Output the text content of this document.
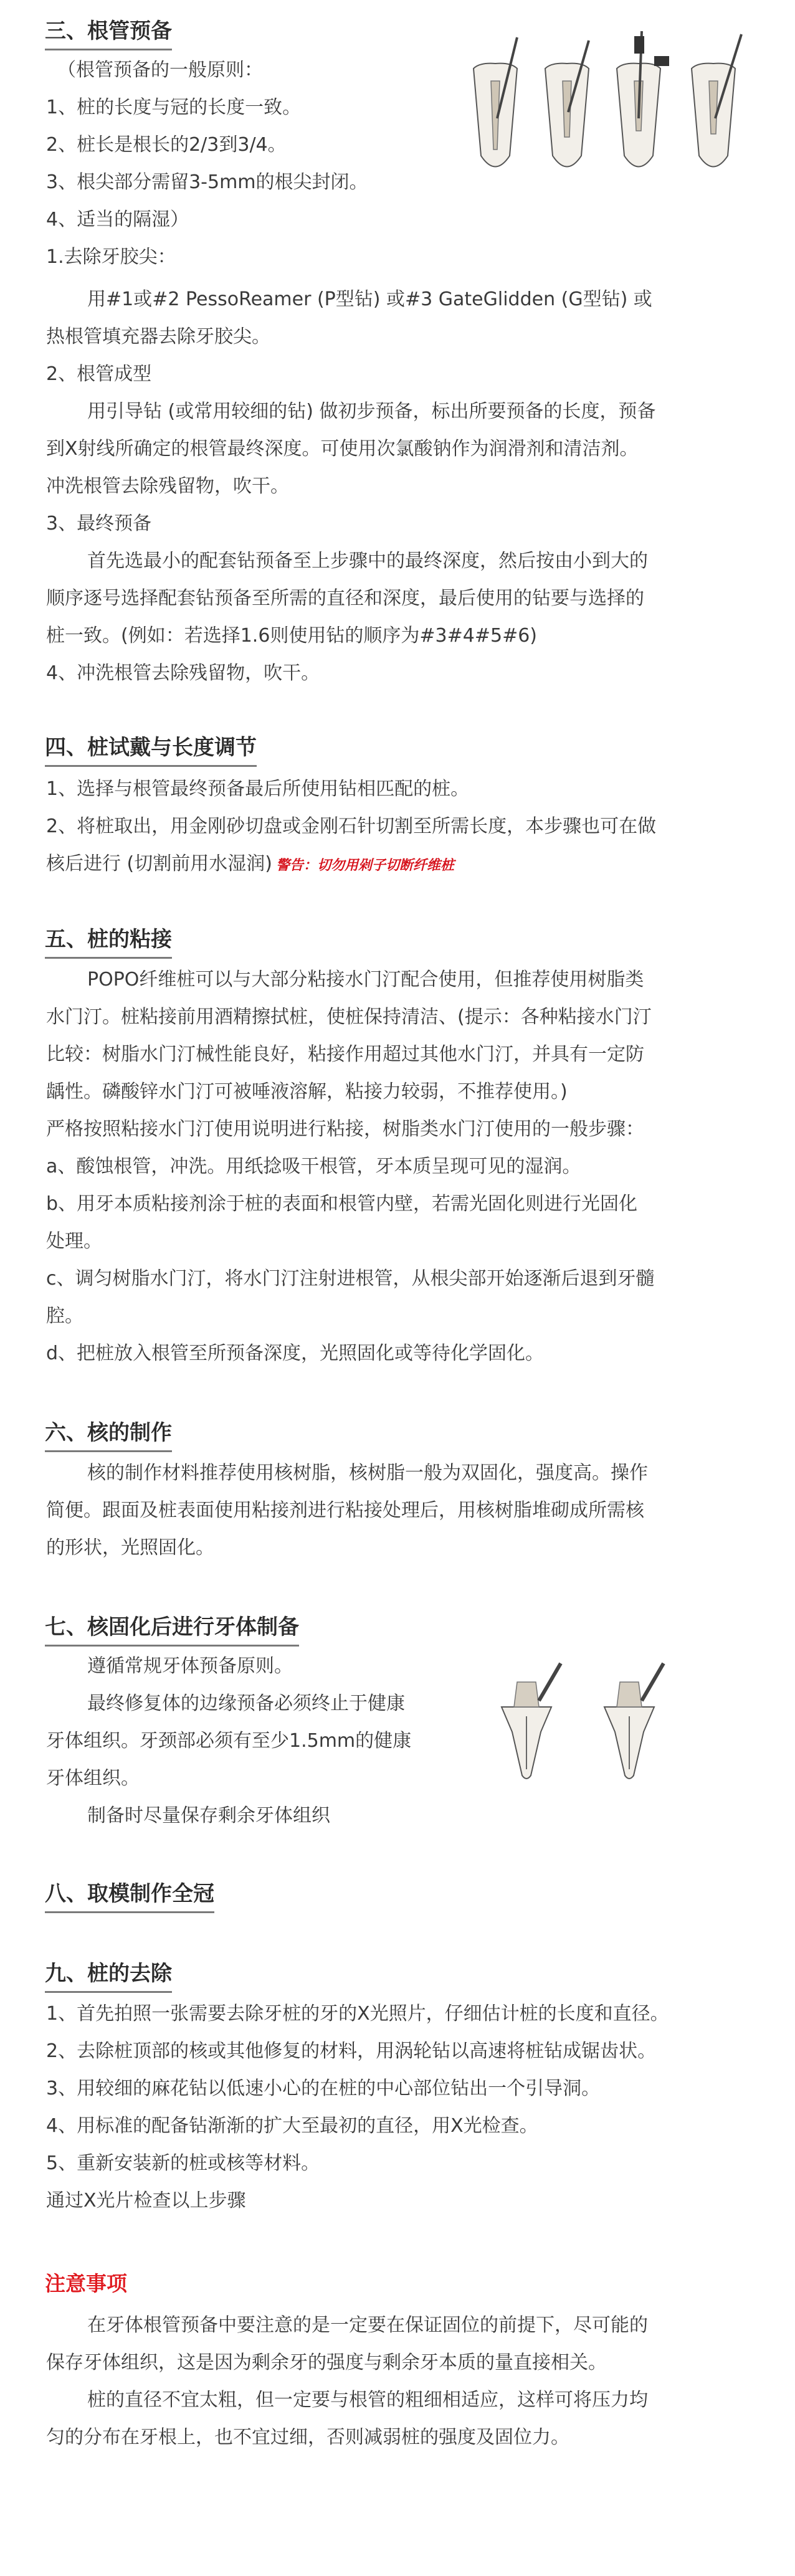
三、根管预备
（根管预备的一般原则：
1、桩的长度与冠的长度一致。
2、桩长是根长的2/3到3/4。
3、根尖部分需留3-5mm的根尖封闭。
4、适当的隔湿）
1.去除牙胶尖：
用#1或#2 PessoReamer (P型钻) 或#3 GateGlidden (G型钻) 或
热根管填充器去除牙胶尖。
2、根管成型
用引导钻 (或常用较细的钻) 做初步预备，标出所要预备的长度，预备
到X射线所确定的根管最终深度。可使用次氯酸钠作为润滑剂和清洁剂。
冲洗根管去除残留物，吹干。
3、最终预备
首先选最小的配套钻预备至上步骤中的最终深度，然后按由小到大的
顺序逐号选择配套钻预备至所需的直径和深度，最后使用的钻要与选择的
桩一致。(例如：若选择1.6则使用钻的顺序为#3#4#5#6)
4、冲洗根管去除残留物，吹干。
四、桩试戴与长度调节
1、选择与根管最终预备最后所使用钻相匹配的桩。
2、将桩取出，用金刚砂切盘或金刚石针切割至所需长度，本步骤也可在做
核后进行 (切割前用水湿润) 警告：切勿用剁子切断纤维桩
五、桩的粘接
POPO纤维桩可以与大部分粘接水门汀配合使用，但推荐使用树脂类
水门汀。桩粘接前用酒精擦拭桩，使桩保持清洁、(提示：各种粘接水门汀
比较：树脂水门汀械性能良好，粘接作用超过其他水门汀，并具有一定防
龋性。磷酸锌水门汀可被唾液溶解，粘接力较弱，不推荐使用。)
严格按照粘接水门汀使用说明进行粘接，树脂类水门汀使用的一般步骤：
a、酸蚀根管，冲洗。用纸捻吸干根管，牙本质呈现可见的湿润。
b、用牙本质粘接剂涂于桩的表面和根管内壁，若需光固化则进行光固化
处理。
c、调匀树脂水门汀，将水门汀注射进根管，从根尖部开始逐渐后退到牙髓
腔。
d、把桩放入根管至所预备深度，光照固化或等待化学固化。
六、核的制作
核的制作材料推荐使用核树脂，核树脂一般为双固化，强度高。操作
简便。跟面及桩表面使用粘接剂进行粘接处理后，用核树脂堆砌成所需核
的形状，光照固化。
七、核固化后进行牙体制备
遵循常规牙体预备原则。
最终修复体的边缘预备必须终止于健康
牙体组织。牙颈部必须有至少1.5mm的健康
牙体组织。
制备时尽量保存剩余牙体组织
八、取模制作全冠
九、桩的去除
1、首先拍照一张需要去除牙桩的牙的X光照片，仔细估计桩的长度和直径。
2、去除桩顶部的核或其他修复的材料，用涡轮钻以高速将桩钻成锯齿状。
3、用较细的麻花钻以低速小心的在桩的中心部位钻出一个引导洞。
4、用标准的配备钻渐渐的扩大至最初的直径，用X光检查。
5、重新安装新的桩或核等材料。
通过X光片检查以上步骤
注意事项
在牙体根管预备中要注意的是一定要在保证固位的前提下，尽可能的
保存牙体组织，这是因为剩余牙的强度与剩余牙本质的量直接相关。
桩的直径不宜太粗，但一定要与根管的粗细相适应，这样可将压力均
匀的分布在牙根上，也不宜过细，否则减弱桩的强度及固位力。
